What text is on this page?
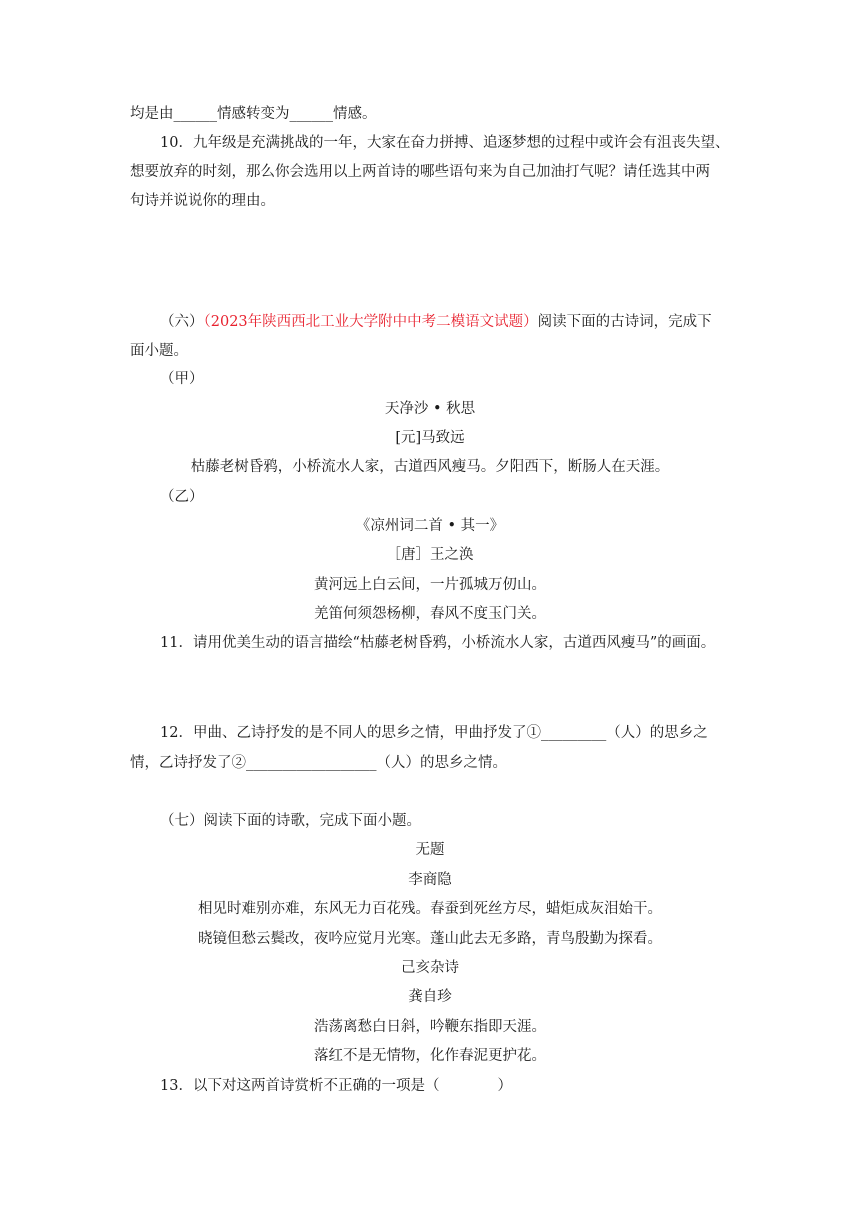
均是由______情感转变为______情感。
10．九年级是充满挑战的一年，大家在奋力拼搏、追逐梦想的过程中或许会有沮丧失望、
想要放弃的时刻，那么你会选用以上两首诗的哪些语句来为自己加油打气呢？请任选其中两
句诗并说说你的理由。
（六）（2023年陕西西北工业大学附中中考二模语文试题）阅读下面的古诗词，完成下
面小题。
（甲）
天净沙 • 秋思
[元]马致远
枯藤老树昏鸦，小桥流水人家，古道西风瘦马。夕阳西下，断肠人在天涯。
（乙）
《凉州词二首 • 其一》
［唐］王之涣
黄河远上白云间，一片孤城万仞山。
羌笛何须怨杨柳，春风不度玉门关。
11．请用优美生动的语言描绘“枯藤老树昏鸦，小桥流水人家，古道西风瘦马”的画面。
12．甲曲、乙诗抒发的是不同人的思乡之情，甲曲抒发了①_________（人）的思乡之
情，乙诗抒发了②__________________（人）的思乡之情。
（七）阅读下面的诗歌，完成下面小题。
无题
李商隐
相见时难别亦难，东风无力百花残。春蚕到死丝方尽，蜡炬成灰泪始干。
晓镜但愁云鬓改，夜吟应觉月光寒。蓬山此去无多路，青鸟殷勤为探看。
己亥杂诗
龚自珍
浩荡离愁白日斜，吟鞭东指即天涯。
落红不是无情物，化作春泥更护花。
13．以下对这两首诗赏析不正确的一项是（　　　　）
